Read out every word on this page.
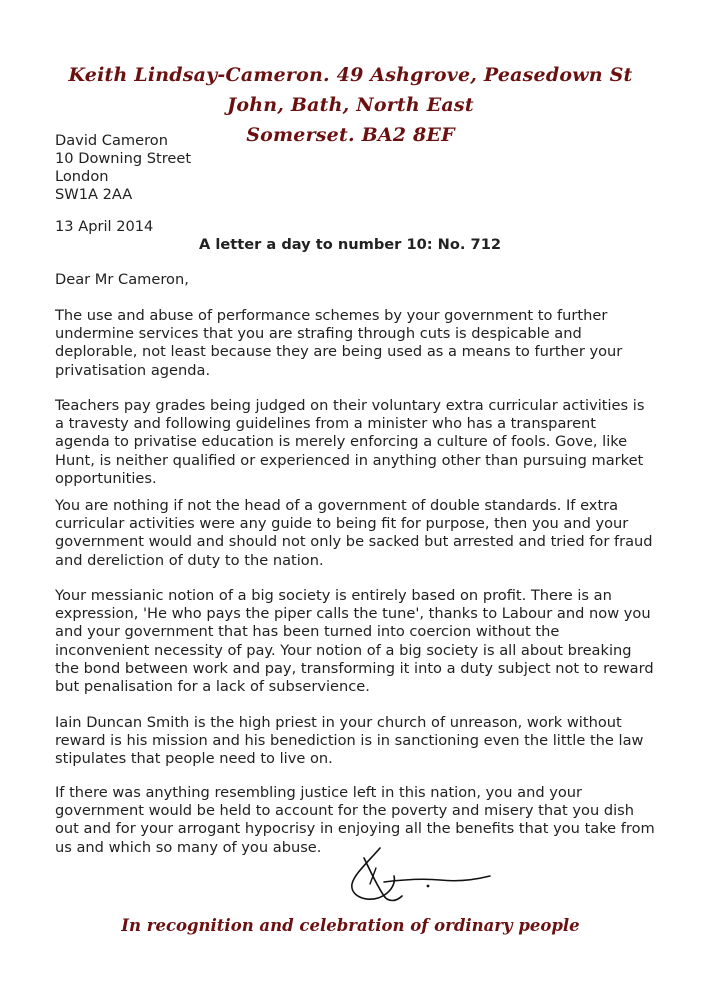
Keith Lindsay-Cameron. 49 Ashgrove, Peasedown St John, Bath, North East
Somerset. BA2 8EF
David Cameron
10 Downing Street
London
SW1A 2AA
13 April 2014
A letter a day to number 10: No. 712
Dear Mr Cameron,

The use and abuse of performance schemes by your government to further undermine services that you are strafing through cuts is despicable and deplorable, not least because they are being used as a means to further your privatisation agenda.

Teachers pay grades being judged on their voluntary extra curricular activities is a travesty and following guidelines from a minister who has a transparent agenda to privatise education is merely enforcing a culture of fools. Gove, like Hunt, is neither qualified or experienced in anything other than pursuing market opportunities.

You are nothing if not the head of a government of double standards. If extra curricular activities were any guide to being fit for purpose, then you and your government would and should not only be sacked but arrested and tried for fraud and dereliction of duty to the nation.

Your messianic notion of a big society is entirely based on profit. There is an expression, 'He who pays the piper calls the tune', thanks to Labour and now you and your government that has been turned into coercion without the inconvenient necessity of pay. Your notion of a big society is all about breaking the bond between work and pay, transforming it into a duty subject not to reward but penalisation for a lack of subservience.

Iain Duncan Smith is the high priest in your church of unreason, work without reward is his mission and his benediction is in sanctioning even the little the law stipulates that people need to live on.

If there was anything resembling justice left in this nation, you and your government would be held to account for the poverty and misery that you dish out and for your arrogant hypocrisy in enjoying all the benefits that you take from us and which so many of you abuse.

In recognition and celebration of ordinary people
